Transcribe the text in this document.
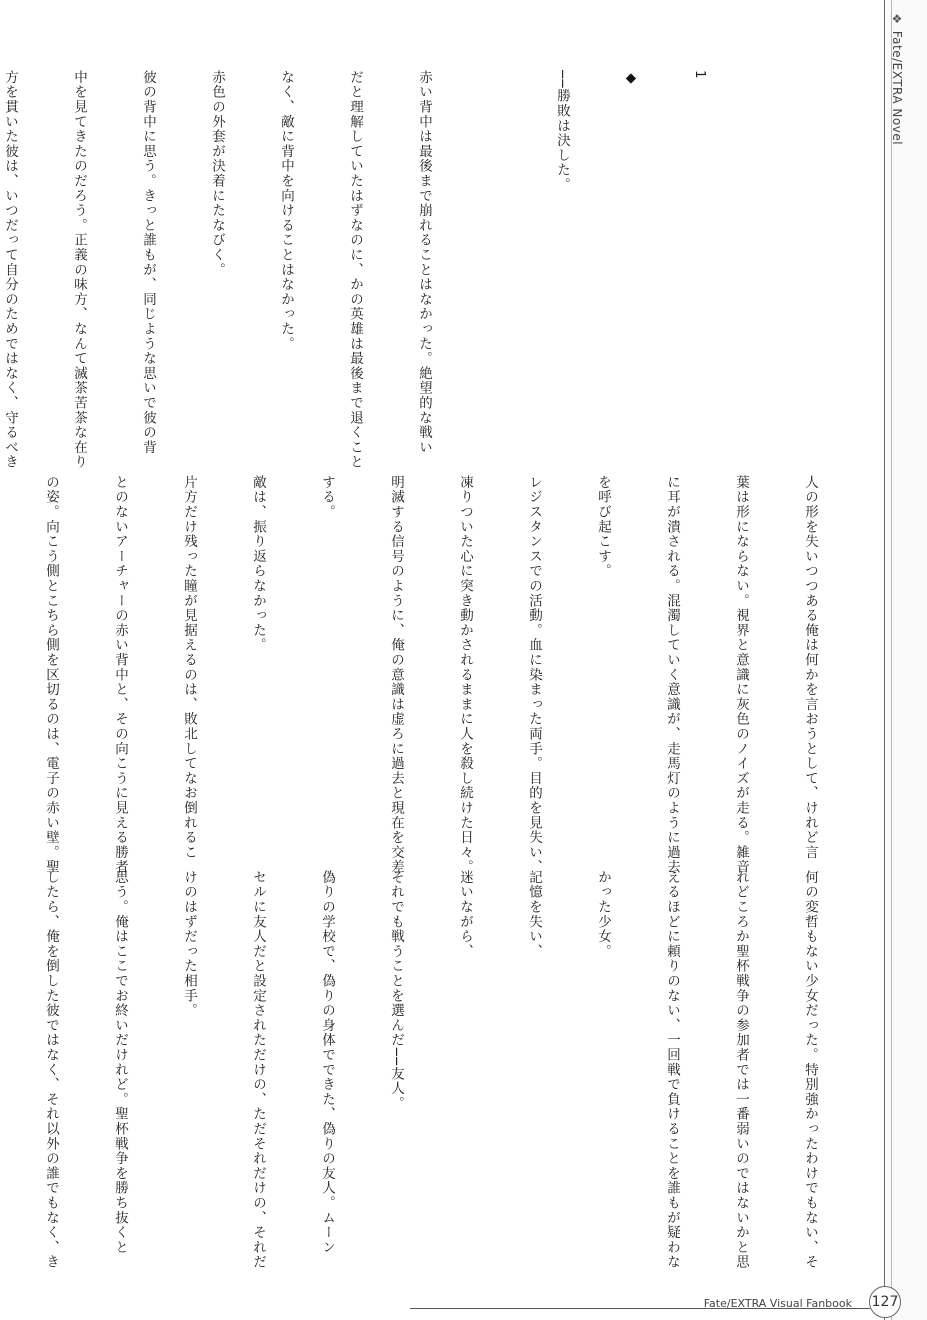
❖ Fate/EXTRA Novel

1

◆

──勝敗は決した。

赤い背中は最後まで崩れることはなかった。絶望的な戦い

だと理解していたはずなのに、かの英雄は最後まで退くこと

なく、敵に背中を向けることはなかった。

赤色の外套が決着にたなびく。

彼の背中に思う。きっと誰もが、同じような思いで彼の背

中を見てきたのだろう。正義の味方、なんて滅茶苦茶な在り

方を貫いた彼は、いつだって自分のためではなく、守るべき

人の形を失いつつある俺は何かを言おうとして、けれど言

葉は形にならない。視界と意識に灰色のノイズが走る。雑音

に耳が潰される。混濁していく意識が、走馬灯のように過去

を呼び起こす。

レジスタンスでの活動。血に染まった両手。目的を見失い、

凍りついた心に突き動かされるままに人を殺し続けた日々。

明滅する信号のように、俺の意識は虚ろに過去と現在を交差

する。

敵は、振り返らなかった。

片方だけ残った瞳が見据えるのは、敗北してなお倒れるこ

とのないアーチャーの赤い背中と、その向こうに見える勝者

の姿。向こう側とこちら側を区切るのは、電子の赤い壁。聖

何の変哲もない少女だった。特別強かったわけでもない、そ

れどころか聖杯戦争の参加者では一番弱いのではないかと思

えるほどに頼りのない、一回戦で負けることを誰もが疑わな

かった少女。

記憶を失い、

迷いながら、

それでも戦うことを選んだ──友人。

偽りの学校で、偽りの身体でできた、偽りの友人。ムーン

セルに友人だと設定されただけの、ただそれだけの、それだ

けのはずだった相手。

思う。俺はここでお終いだけれど。聖杯戦争を勝ち抜くと

したら、俺を倒した彼ではなく、それ以外の誰でもなく、き

Fate/EXTRA Visual Fanbook 127
